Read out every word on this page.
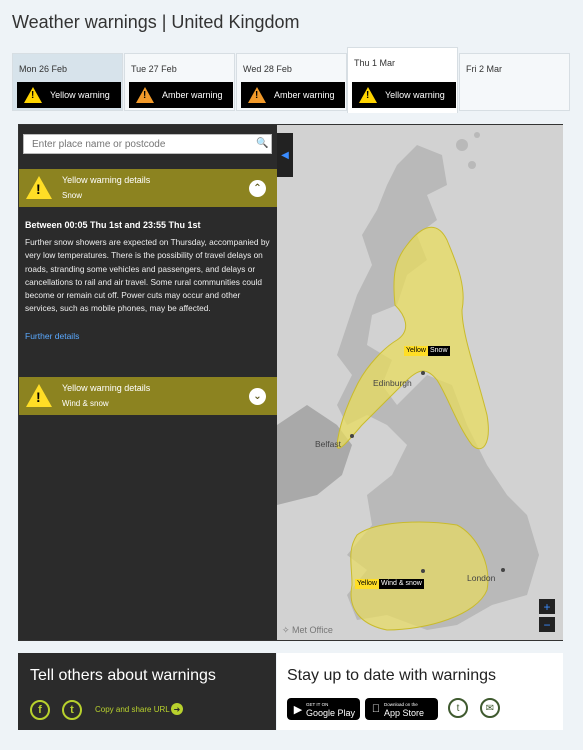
Weather warnings | United Kingdom
Mon 26 Feb
!
Yellow warning
Tue 27 Feb
!
Amber warning
Wed 28 Feb
!
Amber warning
Thu 1 Mar
!
Yellow warning
Fri 2 Mar
Enter place name or postcode
🔍
!
Yellow warning details
Snow
⌃
Between 00:05 Thu 1st and 23:55 Thu 1st
Further snow showers are expected on Thursday, accompanied by very low temperatures. There is the possibility of travel delays on roads, stranding some vehicles and passengers, and delays or cancellations to rail and air travel. Some rural communities could become or remain cut off. Power cuts may occur and other services, such as mobile phones, may be affected.
Further details
!
Yellow warning details
Wind & snow
⌄
Edinburgh
Belfast
London
Yellow Snow
Yellow Wind & snow
◀
✧ Met Office
+
−
Tell others about warnings
f	t	Copy and share URL ➜
Stay up to date with warnings
▶ GET IT ON
Google Play
Download on the
App Store	t	✉
